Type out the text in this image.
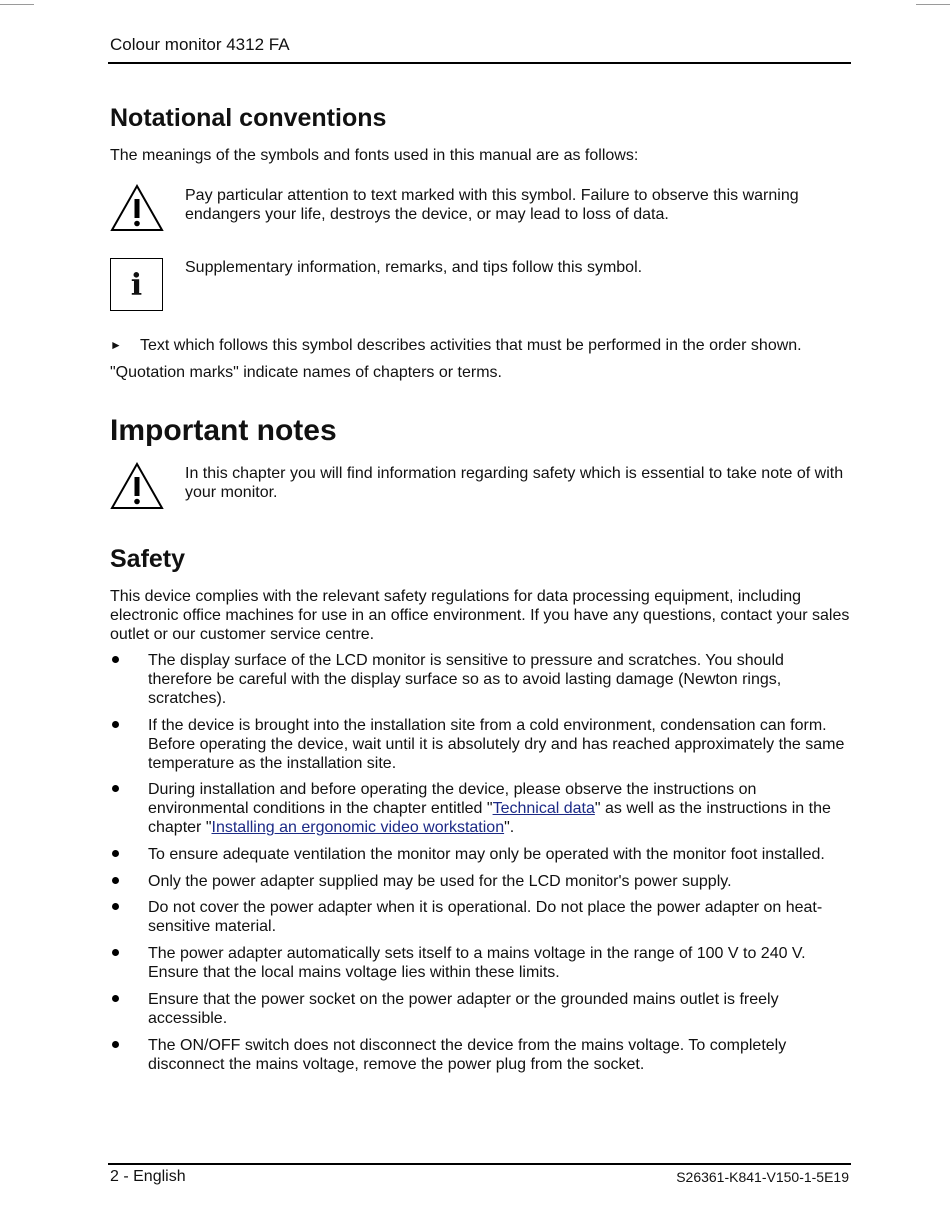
Colour monitor 4312 FA
Notational conventions

The meanings of the symbols and fonts used in this manual are as follows:

Pay particular attention to text marked with this symbol. Failure to observe this warning endangers your life, destroys the device, or may lead to loss of data.

i

Supplementary information, remarks, and tips follow this symbol.

► Text which follows this symbol describes activities that must be performed in the order shown.

"Quotation marks" indicate names of chapters or terms.

Important notes

In this chapter you will find information regarding safety which is essential to take note of with your monitor.

Safety

This device complies with the relevant safety regulations for data processing equipment, including electronic office machines for use in an office environment. If you have any questions, contact your sales outlet or our customer service centre.

The display surface of the LCD monitor is sensitive to pressure and scratches. You should therefore be careful with the display surface so as to avoid lasting damage (Newton rings, scratches).
If the device is brought into the installation site from a cold environment, condensation can form. Before operating the device, wait until it is absolutely dry and has reached approximately the same temperature as the installation site.
During installation and before operating the device, please observe the instructions on environmental conditions in the chapter entitled "Technical data" as well as the instructions in the chapter "Installing an ergonomic video workstation".
To ensure adequate ventilation the monitor may only be operated with the monitor foot installed.
Only the power adapter supplied may be used for the LCD monitor's power supply.
Do not cover the power adapter when it is operational. Do not place the power adapter on heat-sensitive material.
The power adapter automatically sets itself to a mains voltage in the range of 100 V to 240 V. Ensure that the local mains voltage lies within these limits.
Ensure that the power socket on the power adapter or the grounded mains outlet is freely accessible.
The ON/OFF switch does not disconnect the device from the mains voltage. To completely disconnect the mains voltage, remove the power plug from the socket.
2 - English	S26361-K841-V150-1-5E19
